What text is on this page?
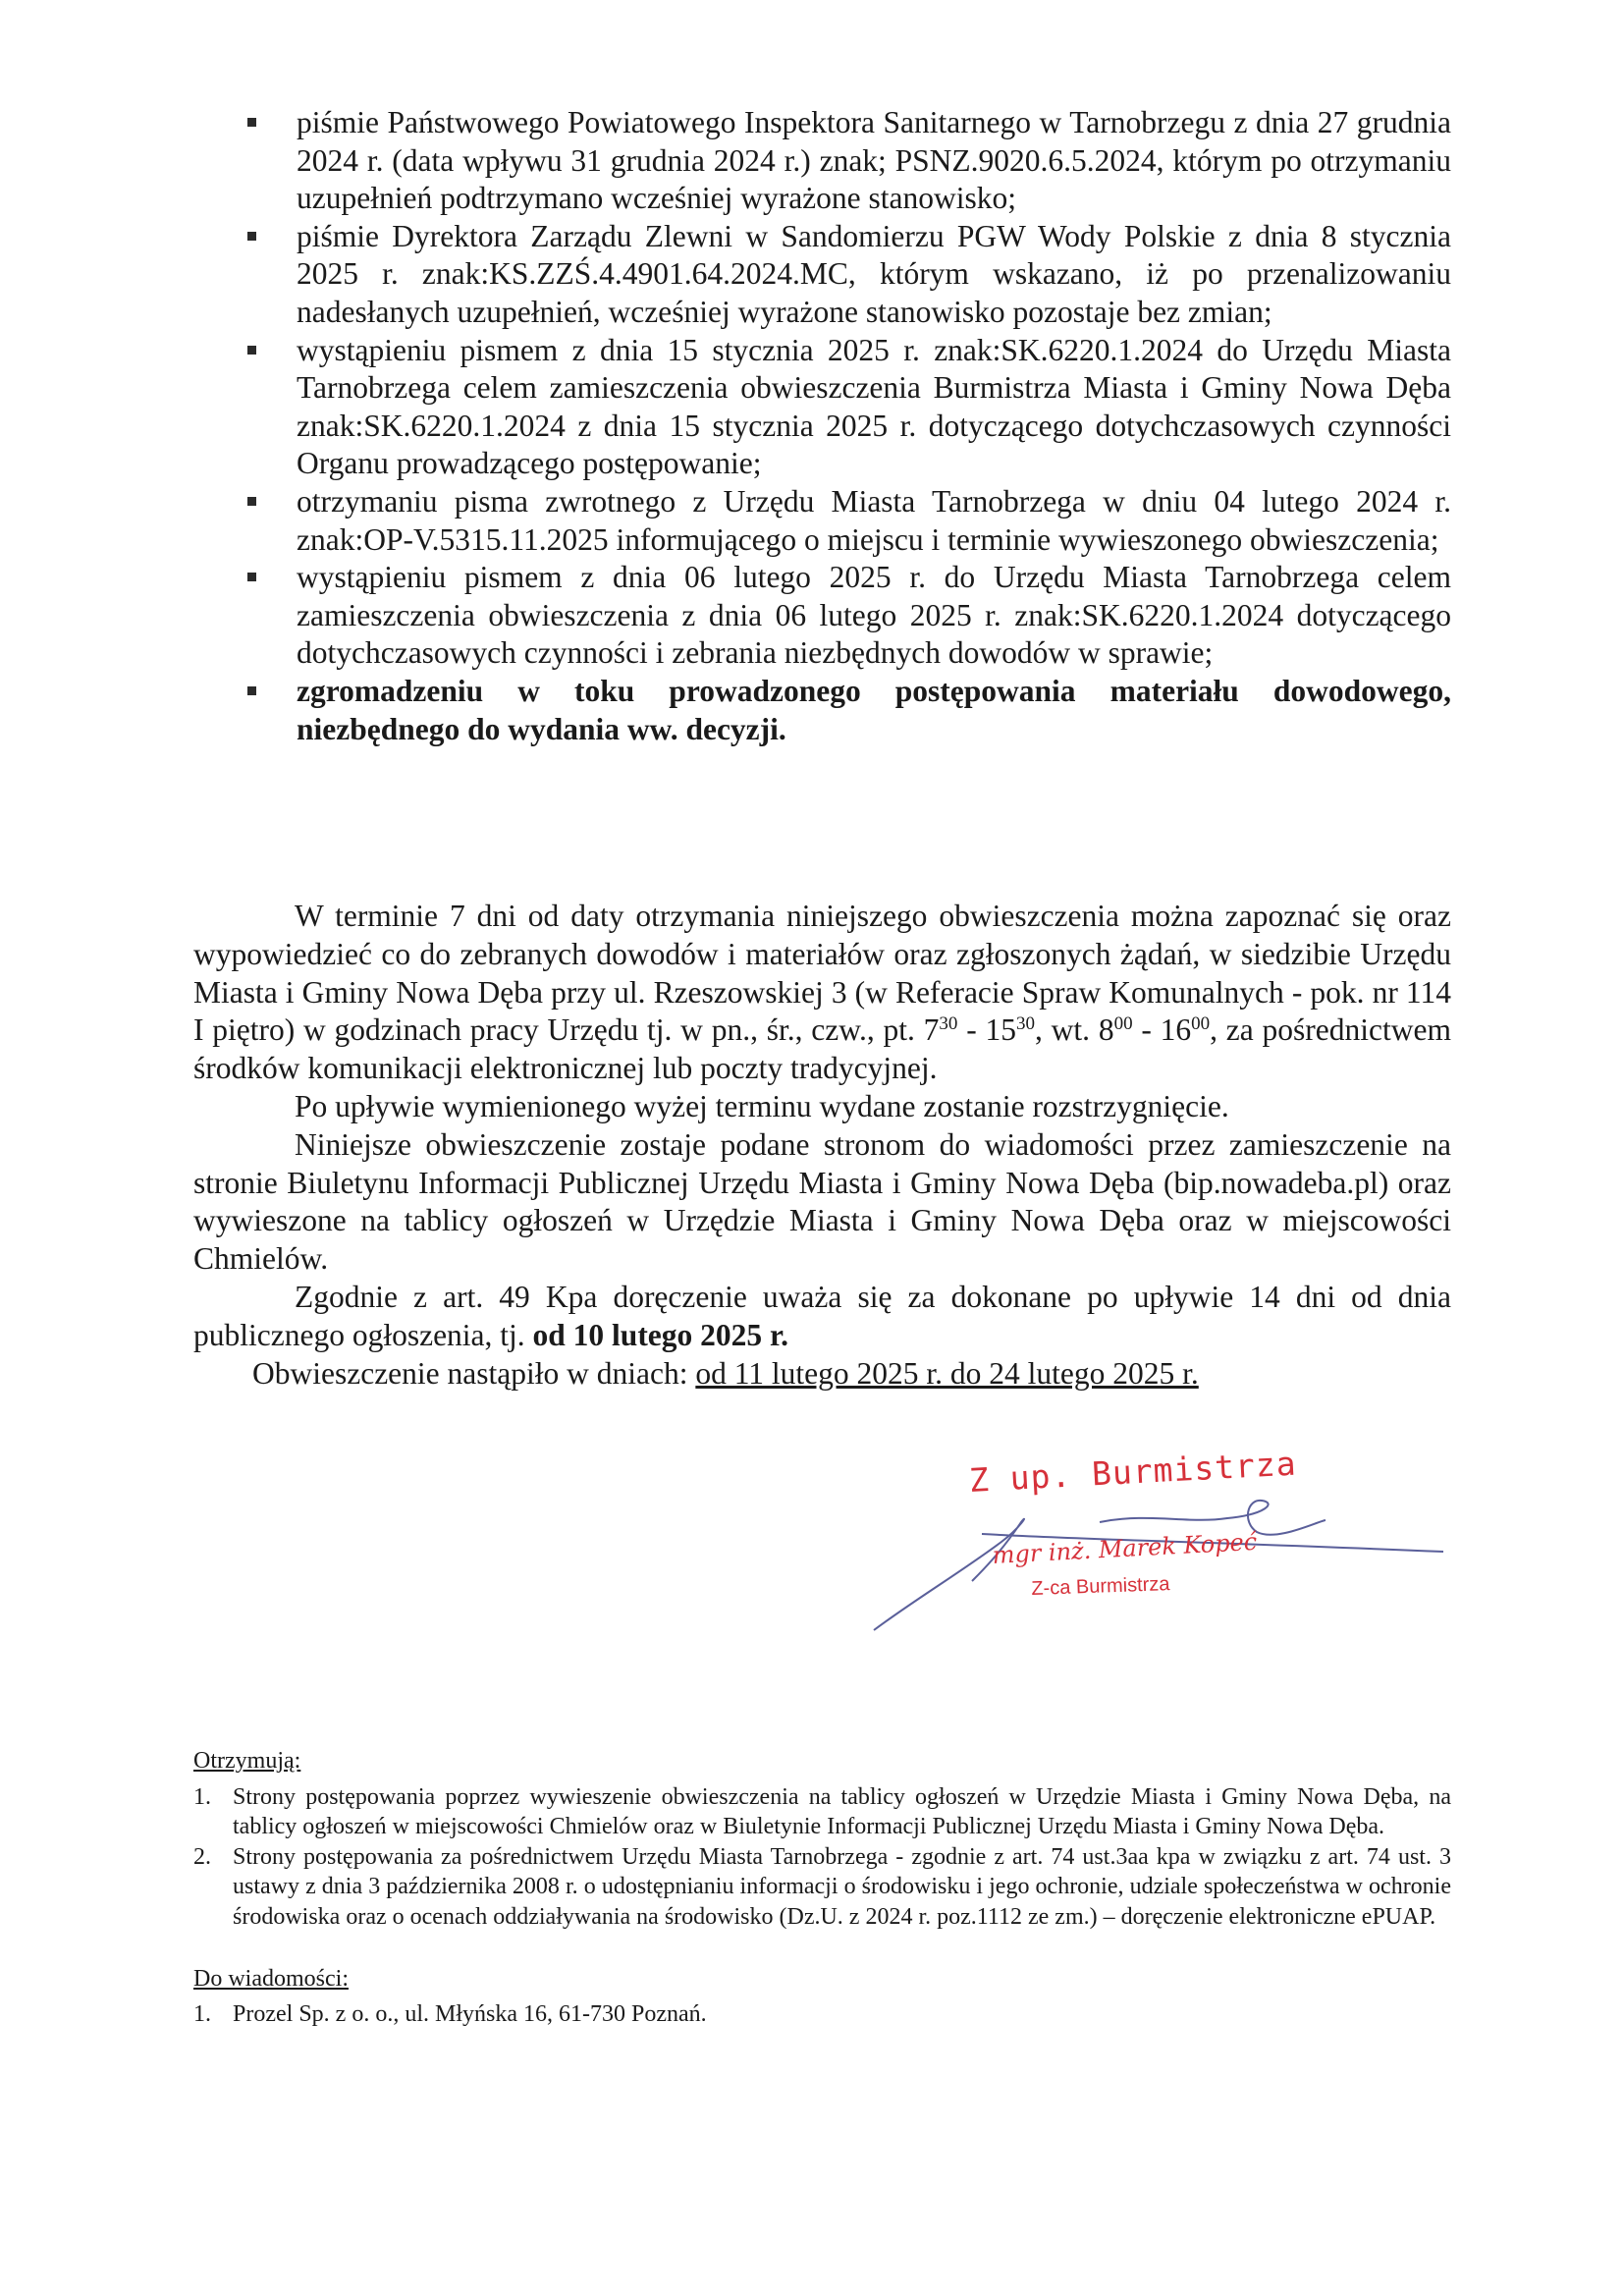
piśmie Państwowego Powiatowego Inspektora Sanitarnego w Tarnobrzegu z dnia 27 grudnia 2024 r. (data wpływu 31 grudnia 2024 r.) znak; PSNZ.9020.6.5.2024, którym po otrzymaniu uzupełnień podtrzymano wcześniej wyrażone stanowisko;
piśmie Dyrektora Zarządu Zlewni w Sandomierzu PGW Wody Polskie z dnia 8 stycznia 2025 r. znak:KS.ZZŚ.4.4901.64.2024.MC, którym wskazano, iż po przenalizowaniu nadesłanych uzupełnień, wcześniej wyrażone stanowisko pozostaje bez zmian;
wystąpieniu pismem z dnia 15 stycznia 2025 r. znak:SK.6220.1.2024 do Urzędu Miasta Tarnobrzega celem zamieszczenia obwieszczenia Burmistrza Miasta i Gminy Nowa Dęba znak:SK.6220.1.2024 z dnia 15 stycznia 2025 r. dotyczącego dotychczasowych czynności Organu prowadzącego postępowanie;
otrzymaniu pisma zwrotnego z Urzędu Miasta Tarnobrzega w dniu 04 lutego 2024 r. znak:OP-V.5315.11.2025 informującego o miejscu i terminie wywieszonego obwieszczenia;
wystąpieniu pismem z dnia 06 lutego 2025 r. do Urzędu Miasta Tarnobrzega celem zamieszczenia obwieszczenia z dnia 06 lutego 2025 r. znak:SK.6220.1.2024 dotyczącego dotychczasowych czynności i zebrania niezbędnych dowodów w sprawie;
zgromadzeniu w toku prowadzonego postępowania materiału dowodowego, niezbędnego do wydania ww. decyzji.

W terminie 7 dni od daty otrzymania niniejszego obwieszczenia można zapoznać się oraz wypowiedzieć co do zebranych dowodów i materiałów oraz zgłoszonych żądań, w siedzibie Urzędu Miasta i Gminy Nowa Dęba przy ul. Rzeszowskiej 3 (w Referacie Spraw Komunalnych - pok. nr 114 I piętro) w godzinach pracy Urzędu tj. w pn., śr., czw., pt. $7^{30} - 15^{30}$, wt. $8^{00} - 16^{00}$, za pośrednictwem środków komunikacji elektronicznej lub poczty tradycyjnej.

Po upływie wymienionego wyżej terminu wydane zostanie rozstrzygnięcie.

Niniejsze obwieszczenie zostaje podane stronom do wiadomości przez zamieszczenie na stronie Biuletynu Informacji Publicznej Urzędu Miasta i Gminy Nowa Dęba (bip.nowadeba.pl) oraz wywieszone na tablicy ogłoszeń w Urzędzie Miasta i Gminy Nowa Dęba oraz w miejscowości Chmielów.

Zgodnie z art. 49 Kpa doręczenie uważa się za dokonane po upływie 14 dni od dnia publicznego ogłoszenia, tj. od 10 lutego 2025 r.

Obwieszczenie nastąpiło w dniach: od 11 lutego 2025 r. do 24 lutego 2025 r.

Z up. Burmistrza
mgr inż. Marek Kopeć
Z-ca Burmistrza

Otrzymują:

1. Strony postępowania poprzez wywieszenie obwieszczenia na tablicy ogłoszeń w Urzędzie Miasta i Gminy Nowa Dęba, na tablicy ogłoszeń w miejscowości Chmielów oraz w Biuletynie Informacji Publicznej Urzędu Miasta i Gminy Nowa Dęba.
2. Strony postępowania za pośrednictwem Urzędu Miasta Tarnobrzega - zgodnie z art. 74 ust.3aa kpa w związku z art. 74 ust. 3 ustawy z dnia 3 października 2008 r. o udostępnianiu informacji o środowisku i jego ochronie, udziale społeczeństwa w ochronie środowiska oraz o ocenach oddziaływania na środowisko (Dz.U. z 2024 r. poz.1112 ze zm.) – doręczenie elektroniczne ePUAP.

Do wiadomości:

1. Prozel Sp. z o. o., ul. Młyńska 16, 61-730 Poznań.
